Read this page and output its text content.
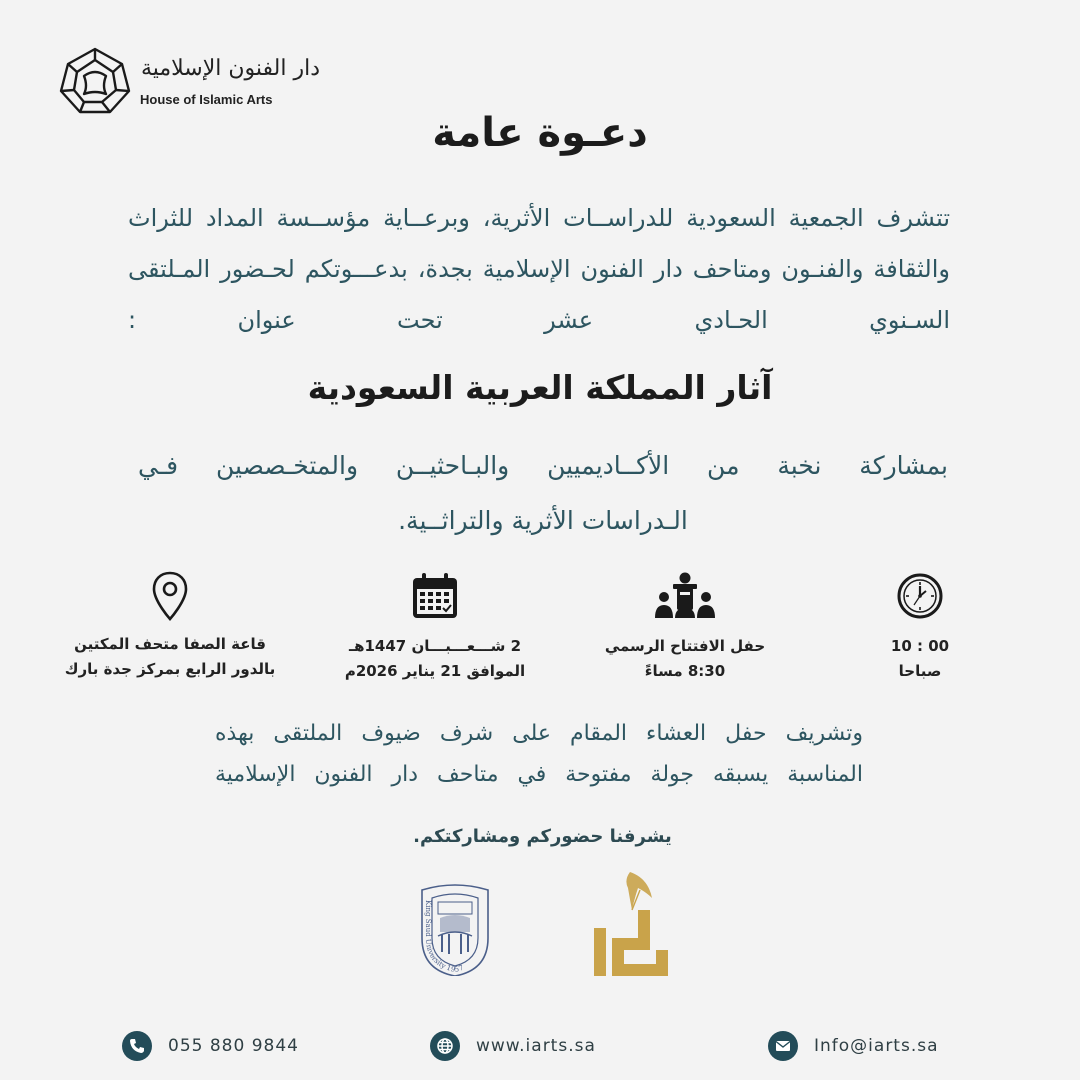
دار الفنون الإسلامية
House of Islamic Arts
دعـوة عامة
تتشرف الجمعية السعودية للدراســات الأثرية، وبرعــاية مؤســسة المداد للثراث والثقافة والفنـون ومتاحف دار الفنون الإسلامية بجدة، بدعـــوتكم لحـضور المـلتقى السـنوي الحـادي عشر تحت عنوان :
آثار المملكة العربية السعودية
بمشاركة نخبة من الأكــاديميين والبـاحثيــن والمتخـصصين فـي
الـدراسات الأثرية والتراثــية.
00 : 10
صباحا
حفل الافتتاح الرسمي
8:30 مساءً
2 شـــعـــبـــان 1447هـ
الموافق 21 يناير 2026م
قاعة الصفا متحف المكتين
بالدور الرابع بمركز جدة بارك
وتشريف حفل العشاء المقام على شرف ضيوف الملتقى بهذه
المناسبة يسبقه جولة مفتوحة في متاحف دار الفنون الإسلامية
يشرفنا حضوركم ومشاركتكم.
King Saud University 1957
055 880 9844	www.iarts.sa	Info@iarts.sa
